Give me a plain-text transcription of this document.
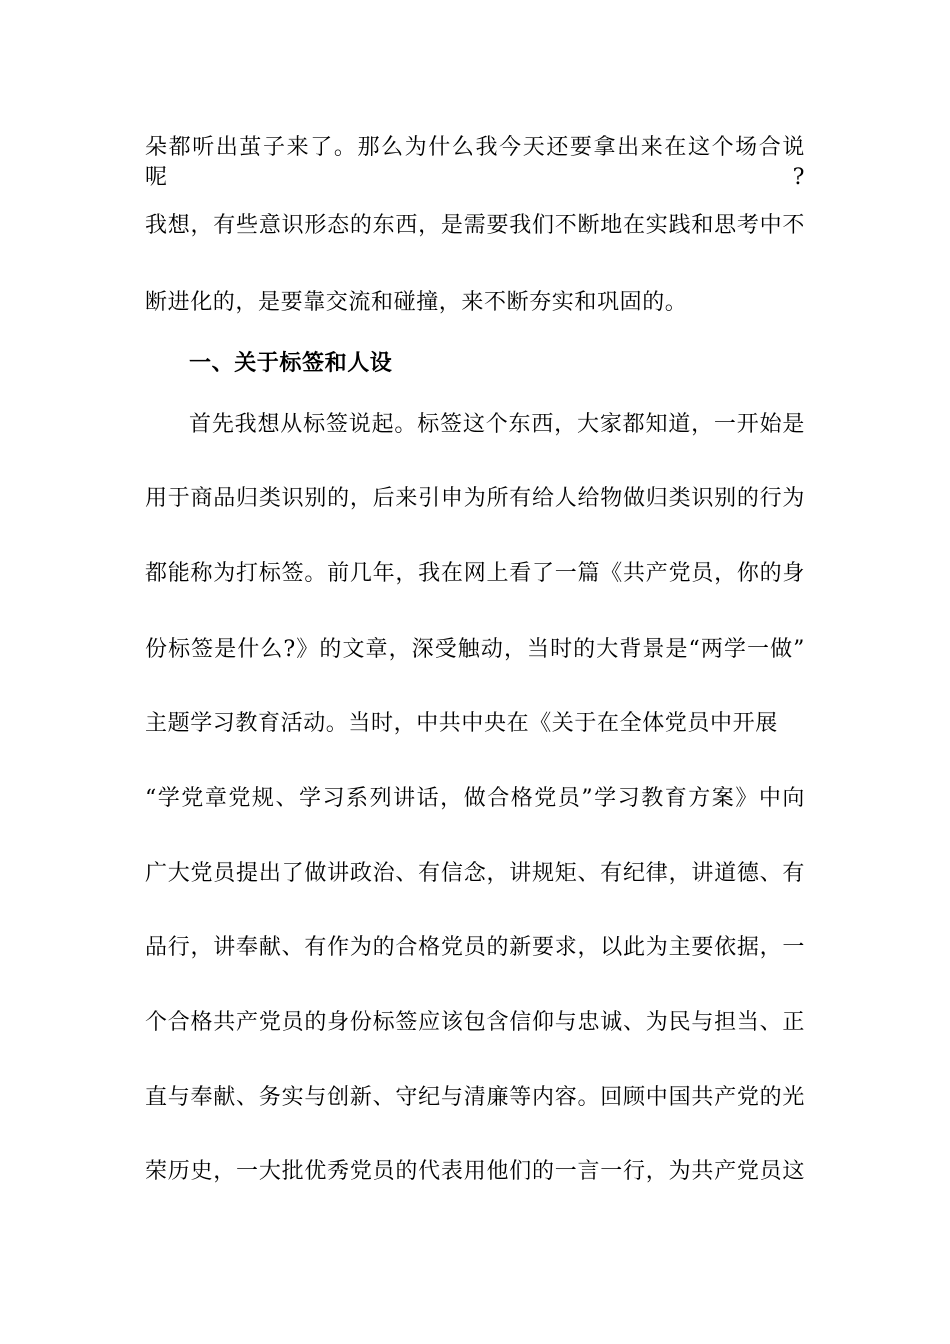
朵都听出茧子来了。那么为什么我今天还要拿出来在这个场合说呢?
我想，有些意识形态的东西，是需要我们不断地在实践和思考中不
断进化的，是要靠交流和碰撞，来不断夯实和巩固的。
一、关于标签和人设
首先我想从标签说起。标签这个东西，大家都知道，一开始是
用于商品归类识别的，后来引申为所有给人给物做归类识别的行为
都能称为打标签。前几年，我在网上看了一篇《共产党员，你的身
份标签是什么?》的文章，深受触动，当时的大背景是“两学一做”
主题学习教育活动。当时，中共中央在《关于在全体党员中开展
“学党章党规、学习系列讲话，做合格党员”学习教育方案》中向
广大党员提出了做讲政治、有信念，讲规矩、有纪律，讲道德、有
品行，讲奉献、有作为的合格党员的新要求，以此为主要依据，一
个合格共产党员的身份标签应该包含信仰与忠诚、为民与担当、正
直与奉献、务实与创新、守纪与清廉等内容。回顾中国共产党的光
荣历史，一大批优秀党员的代表用他们的一言一行，为共产党员这
